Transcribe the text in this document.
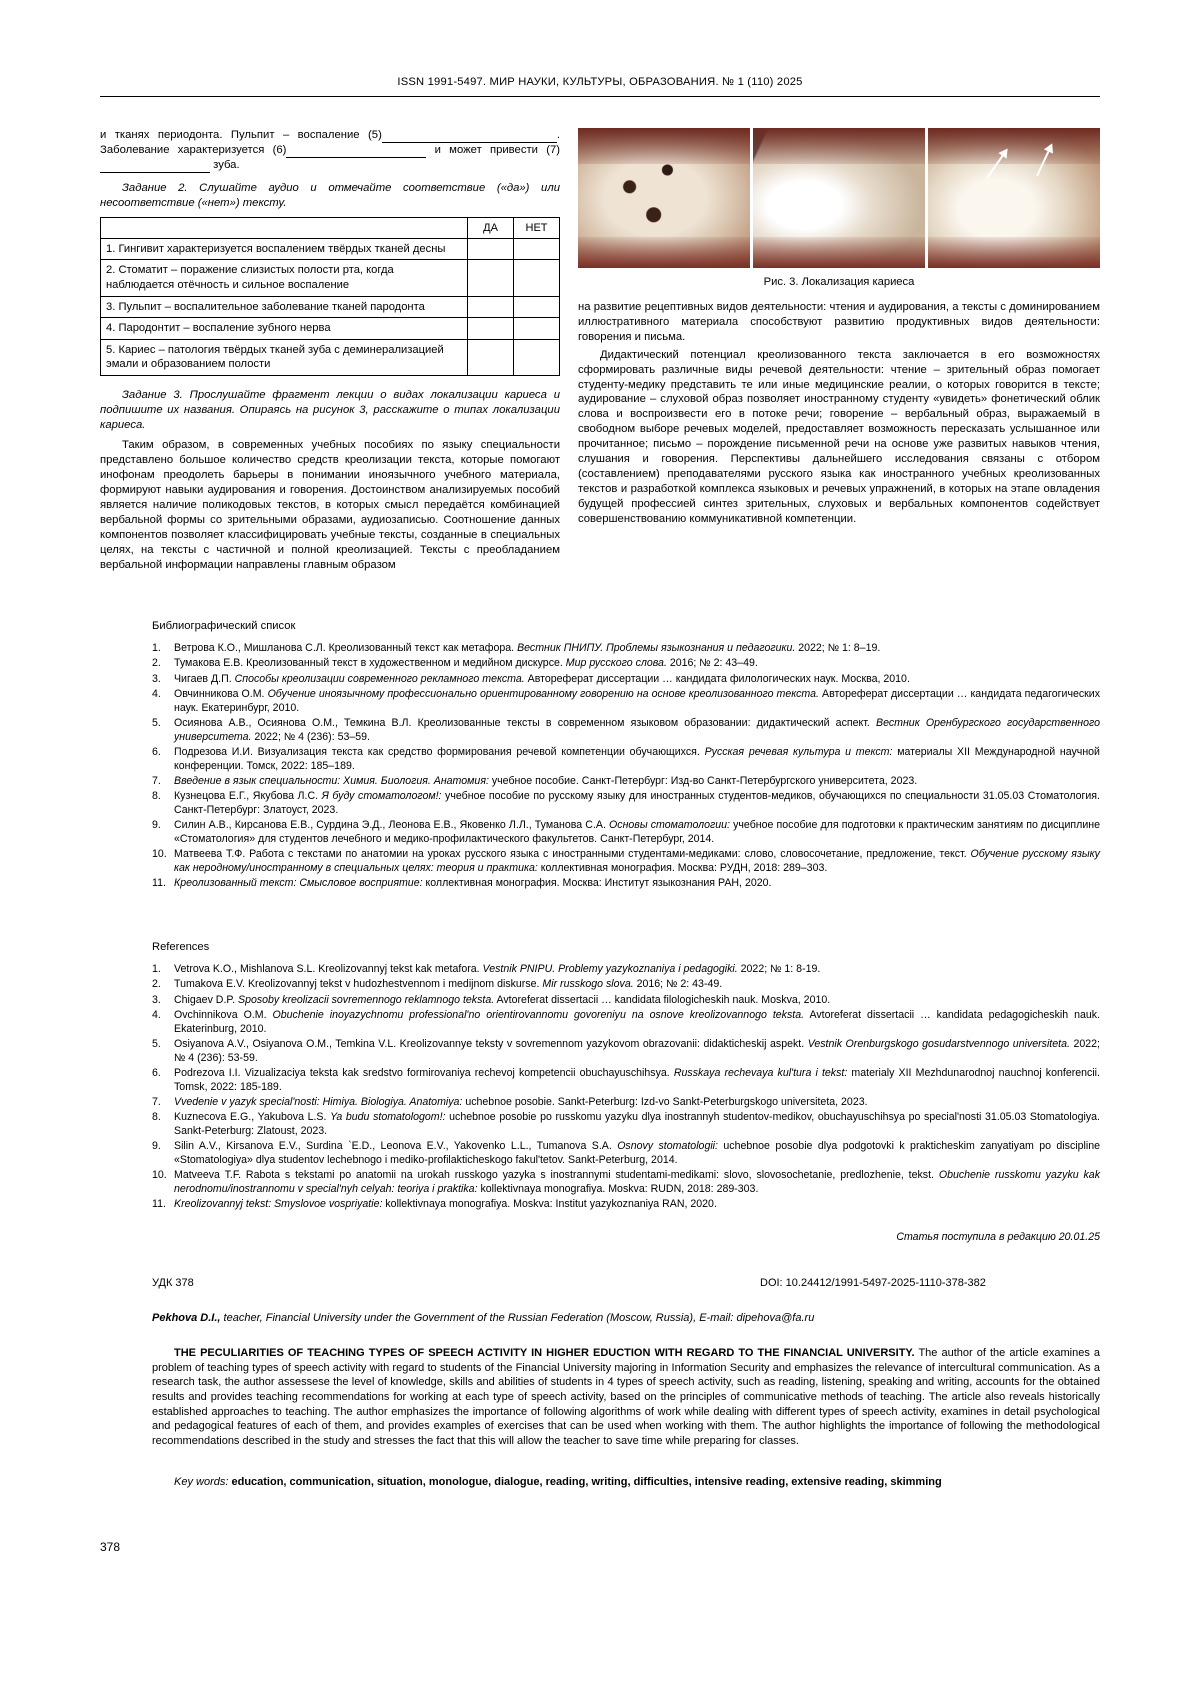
ISSN 1991-5497. МИР НАУКИ, КУЛЬТУРЫ, ОБРАЗОВАНИЯ. № 1 (110) 2025

и тканях периодонта. Пульпит – воспаление (5)	. Заболевание характеризуется (6)	и может привести (7) зуба.

Задание 2. Слушайте аудио и отмечайте соответствие («да») или несоответствие («нет») тексту.

	ДА	НЕТ
1. Гингивит характеризуется воспалением твёрдых тканей десны		
2. Стоматит – поражение слизистых полости рта, когда наблюдается отёчность и сильное воспаление		
3. Пульпит – воспалительное заболевание тканей пародонта		
4. Пародонтит – воспаление зубного нерва		
5. Кариес – патология твёрдых тканей зуба с деминерализацией эмали и образованием полости		

Задание 3. Прослушайте фрагмент лекции о видах локализации кариеса и подпишите их названия. Опираясь на рисунок 3, расскажите о типах локализации кариеса.

Таким образом, в современных учебных пособиях по языку специальности представлено большое количество средств креолизации текста, которые помогают инофонам преодолеть барьеры в понимании иноязычного учебного материала, формируют навыки аудирования и говорения. Достоинством анализируемых пособий является наличие поликодовых текстов, в которых смысл передаётся комбинацией вербальной формы со зрительными образами, аудиозаписью. Соотношение данных компонентов позволяет классифицировать учебные тексты, созданные в специальных целях, на тексты с частичной и полной креолизацией. Тексты с преобладанием вербальной информации направлены главным образом

Рис. 3. Локализация кариеса

на развитие рецептивных видов деятельности: чтения и аудирования, а тексты с доминированием иллюстративного материала способствуют развитию продуктивных видов деятельности: говорения и письма.

Дидактический потенциал креолизованного текста заключается в его возможностях сформировать различные виды речевой деятельности: чтение – зрительный образ помогает студенту-медику представить те или иные медицинские реалии, о которых говорится в тексте; аудирование – слуховой образ позволяет иностранному студенту «увидеть» фонетический облик слова и воспроизвести его в потоке речи; говорение – вербальный образ, выражаемый в свободном выборе речевых моделей, предоставляет возможность пересказать услышанное или прочитанное; письмо – порождение письменной речи на основе уже развитых навыков чтения, слушания и говорения. Перспективы дальнейшего исследования связаны с отбором (составлением) преподавателями русского языка как иностранного учебных креолизованных текстов и разработкой комплекса языковых и речевых упражнений, в которых на этапе овладения будущей профессией синтез зрительных, слуховых и вербальных компонентов содействует совершенствованию коммуникативной компетенции.

Библиографический список
1.	Ветрова К.О., Мишланова С.Л. Креолизованный текст как метафора. Вестник ПНИПУ. Проблемы языкознания и педагогики. 2022; № 1: 8–19.
2.	Тумакова Е.В. Креолизованный текст в художественном и медийном дискурсе. Мир русского слова. 2016; № 2: 43–49.
3.	Чигаев Д.П. Способы креолизации современного рекламного текста. Автореферат диссертации … кандидата филологических наук. Москва, 2010.
4.	Овчинникова О.М. Обучение иноязычному профессионально ориентированному говорению на основе креолизованного текста. Автореферат диссертации … кандидата педагогических наук. Екатеринбург, 2010.
5.	Осиянова А.В., Осиянова О.М., Темкина В.Л. Креолизованные тексты в современном языковом образовании: дидактический аспект. Вестник Оренбургского государственного университета. 2022; № 4 (236): 53–59.
6.	Подрезова И.И. Визуализация текста как средство формирования речевой компетенции обучающихся. Русская речевая культура и текст: материалы XII Международной научной конференции. Томск, 2022: 185–189.
7.	Введение в язык специальности: Химия. Биология. Анатомия: учебное пособие. Санкт-Петербург: Изд-во Санкт-Петербургского университета, 2023.
8.	Кузнецова Е.Г., Якубова Л.С. Я буду стоматологом!: учебное пособие по русскому языку для иностранных студентов-медиков, обучающихся по специальности 31.05.03 Стоматология. Санкт-Петербург: Златоуст, 2023.
9.	Силин А.В., Кирсанова Е.В., Сурдина Э.Д., Леонова Е.В., Яковенко Л.Л., Туманова С.А. Основы стоматологии: учебное пособие для подготовки к практическим занятиям по дисциплине «Стоматология» для студентов лечебного и медико-профилактического факультетов. Санкт-Петербург, 2014.
10. Матвеева Т.Ф. Работа с текстами по анатомии на уроках русского языка с иностранными студентами-медиками: слово, словосочетание, предложение, текст. Обучение русскому языку как неродному/иностранному в специальных целях: теория и практика: коллективная монография. Москва: РУДН, 2018: 289–303.
11. Креолизованный текст: Смысловое восприятие: коллективная монография. Москва: Институт языкознания РАН, 2020.
References
1.	Vetrova K.O., Mishlanova S.L. Kreolizovannyj tekst kak metafora. Vestnik PNIPU. Problemy yazykoznaniya i pedagogiki. 2022; № 1: 8-19.
2.	Tumakova E.V. Kreolizovannyj tekst v hudozhestvennom i medijnom diskurse. Mir russkogo slova. 2016; № 2: 43-49.
3.	Chigaev D.P. Sposoby kreolizacii sovremennogo reklamnogo teksta. Avtoreferat dissertacii … kandidata filologicheskih nauk. Moskva, 2010.
4.	Ovchinnikova O.M. Obuchenie inoyazychnomu professional'no orientirovannomu govoreniyu na osnove kreolizovannogo teksta. Avtoreferat dissertacii … kandidata pedagogicheskih nauk. Ekaterinburg, 2010.
5.	Osiyanova A.V., Osiyanova O.M., Temkina V.L. Kreolizovannye teksty v sovremennom yazykovom obrazovanii: didakticheskij aspekt. Vestnik Orenburgskogo gosudarstvennogo universiteta. 2022; № 4 (236): 53-59.
6.	Podrezova I.I. Vizualizaciya teksta kak sredstvo formirovaniya rechevoj kompetencii obuchayuschihsya. Russkaya rechevaya kul'tura i tekst: materialy XII Mezhdunarodnoj nauchnoj konferencii. Tomsk, 2022: 185-189.
7.	Vvedenie v yazyk special'nosti: Himiya. Biologiya. Anatomiya: uchebnoe posobie. Sankt-Peterburg: Izd-vo Sankt-Peterburgskogo universiteta, 2023.
8.	Kuznecova E.G., Yakubova L.S. Ya budu stomatologom!: uchebnoe posobie po russkomu yazyku dlya inostrannyh studentov-medikov, obuchayuschihsya po special'nosti 31.05.03 Stomatologiya. Sankt-Peterburg: Zlatoust, 2023.
9.	Silin A.V., Kirsanova E.V., Surdina `E.D., Leonova E.V., Yakovenko L.L., Tumanova S.A. Osnovy stomatologii: uchebnoe posobie dlya podgotovki k prakticheskim zanyatiyam po discipline «Stomatologiya» dlya studentov lechebnogo i mediko-profilakticheskogo fakul'tetov. Sankt-Peterburg, 2014.
10. Matveeva T.F. Rabota s tekstami po anatomii na urokah russkogo yazyka s inostrannymi studentami-medikami: slovo, slovosochetanie, predlozhenie, tekst. Obuchenie russkomu yazyku kak nerodnomu/inostrannomu v special'nyh celyah: teoriya i praktika: kollektivnaya monografiya. Moskva: RUDN, 2018: 289-303.
11. Kreolizovannyj tekst: Smyslovoe vospriyatie: kollektivnaya monografiya. Moskva: Institut yazykoznaniya RAN, 2020.
Статья поступила в редакцию 20.01.25
УДК 378	DOI: 10.24412/1991-5497-2025-1110-378-382
Pekhova D.I., teacher, Financial University under the Government of the Russian Federation (Moscow, Russia), E-mail: dipehova@fa.ru

THE PECULIARITIES OF TEACHING TYPES OF SPEECH ACTIVITY IN HIGHER EDUCTION WITH REGARD TO THE FINANCIAL UNIVERSITY. The author of the article examines a problem of teaching types of speech activity with regard to students of the Financial University majoring in Information Security and emphasizes the relevance of intercultural communication. As a research task, the author assessese the level of knowledge, skills and abilities of students in 4 types of speech activity, such as reading, listening, speaking and writing, accounts for the obtained results and provides teaching recommendations for working at each type of speech activity, based on the principles of communicative methods of teaching. The article also reveals historically established approaches to teaching. The author emphasizes the importance of following algorithms of work while dealing with different types of speech activity, examines in detail psychological and pedagogical features of each of them, and provides examples of exercises that can be used when working with them. The author highlights the importance of following the methodological recommendations described in the study and stresses the fact that this will allow the teacher to save time while preparing for classes.

Key words: education, communication, situation, monologue, dialogue, reading, writing, difficulties, intensive reading, extensive reading, skimming
378
